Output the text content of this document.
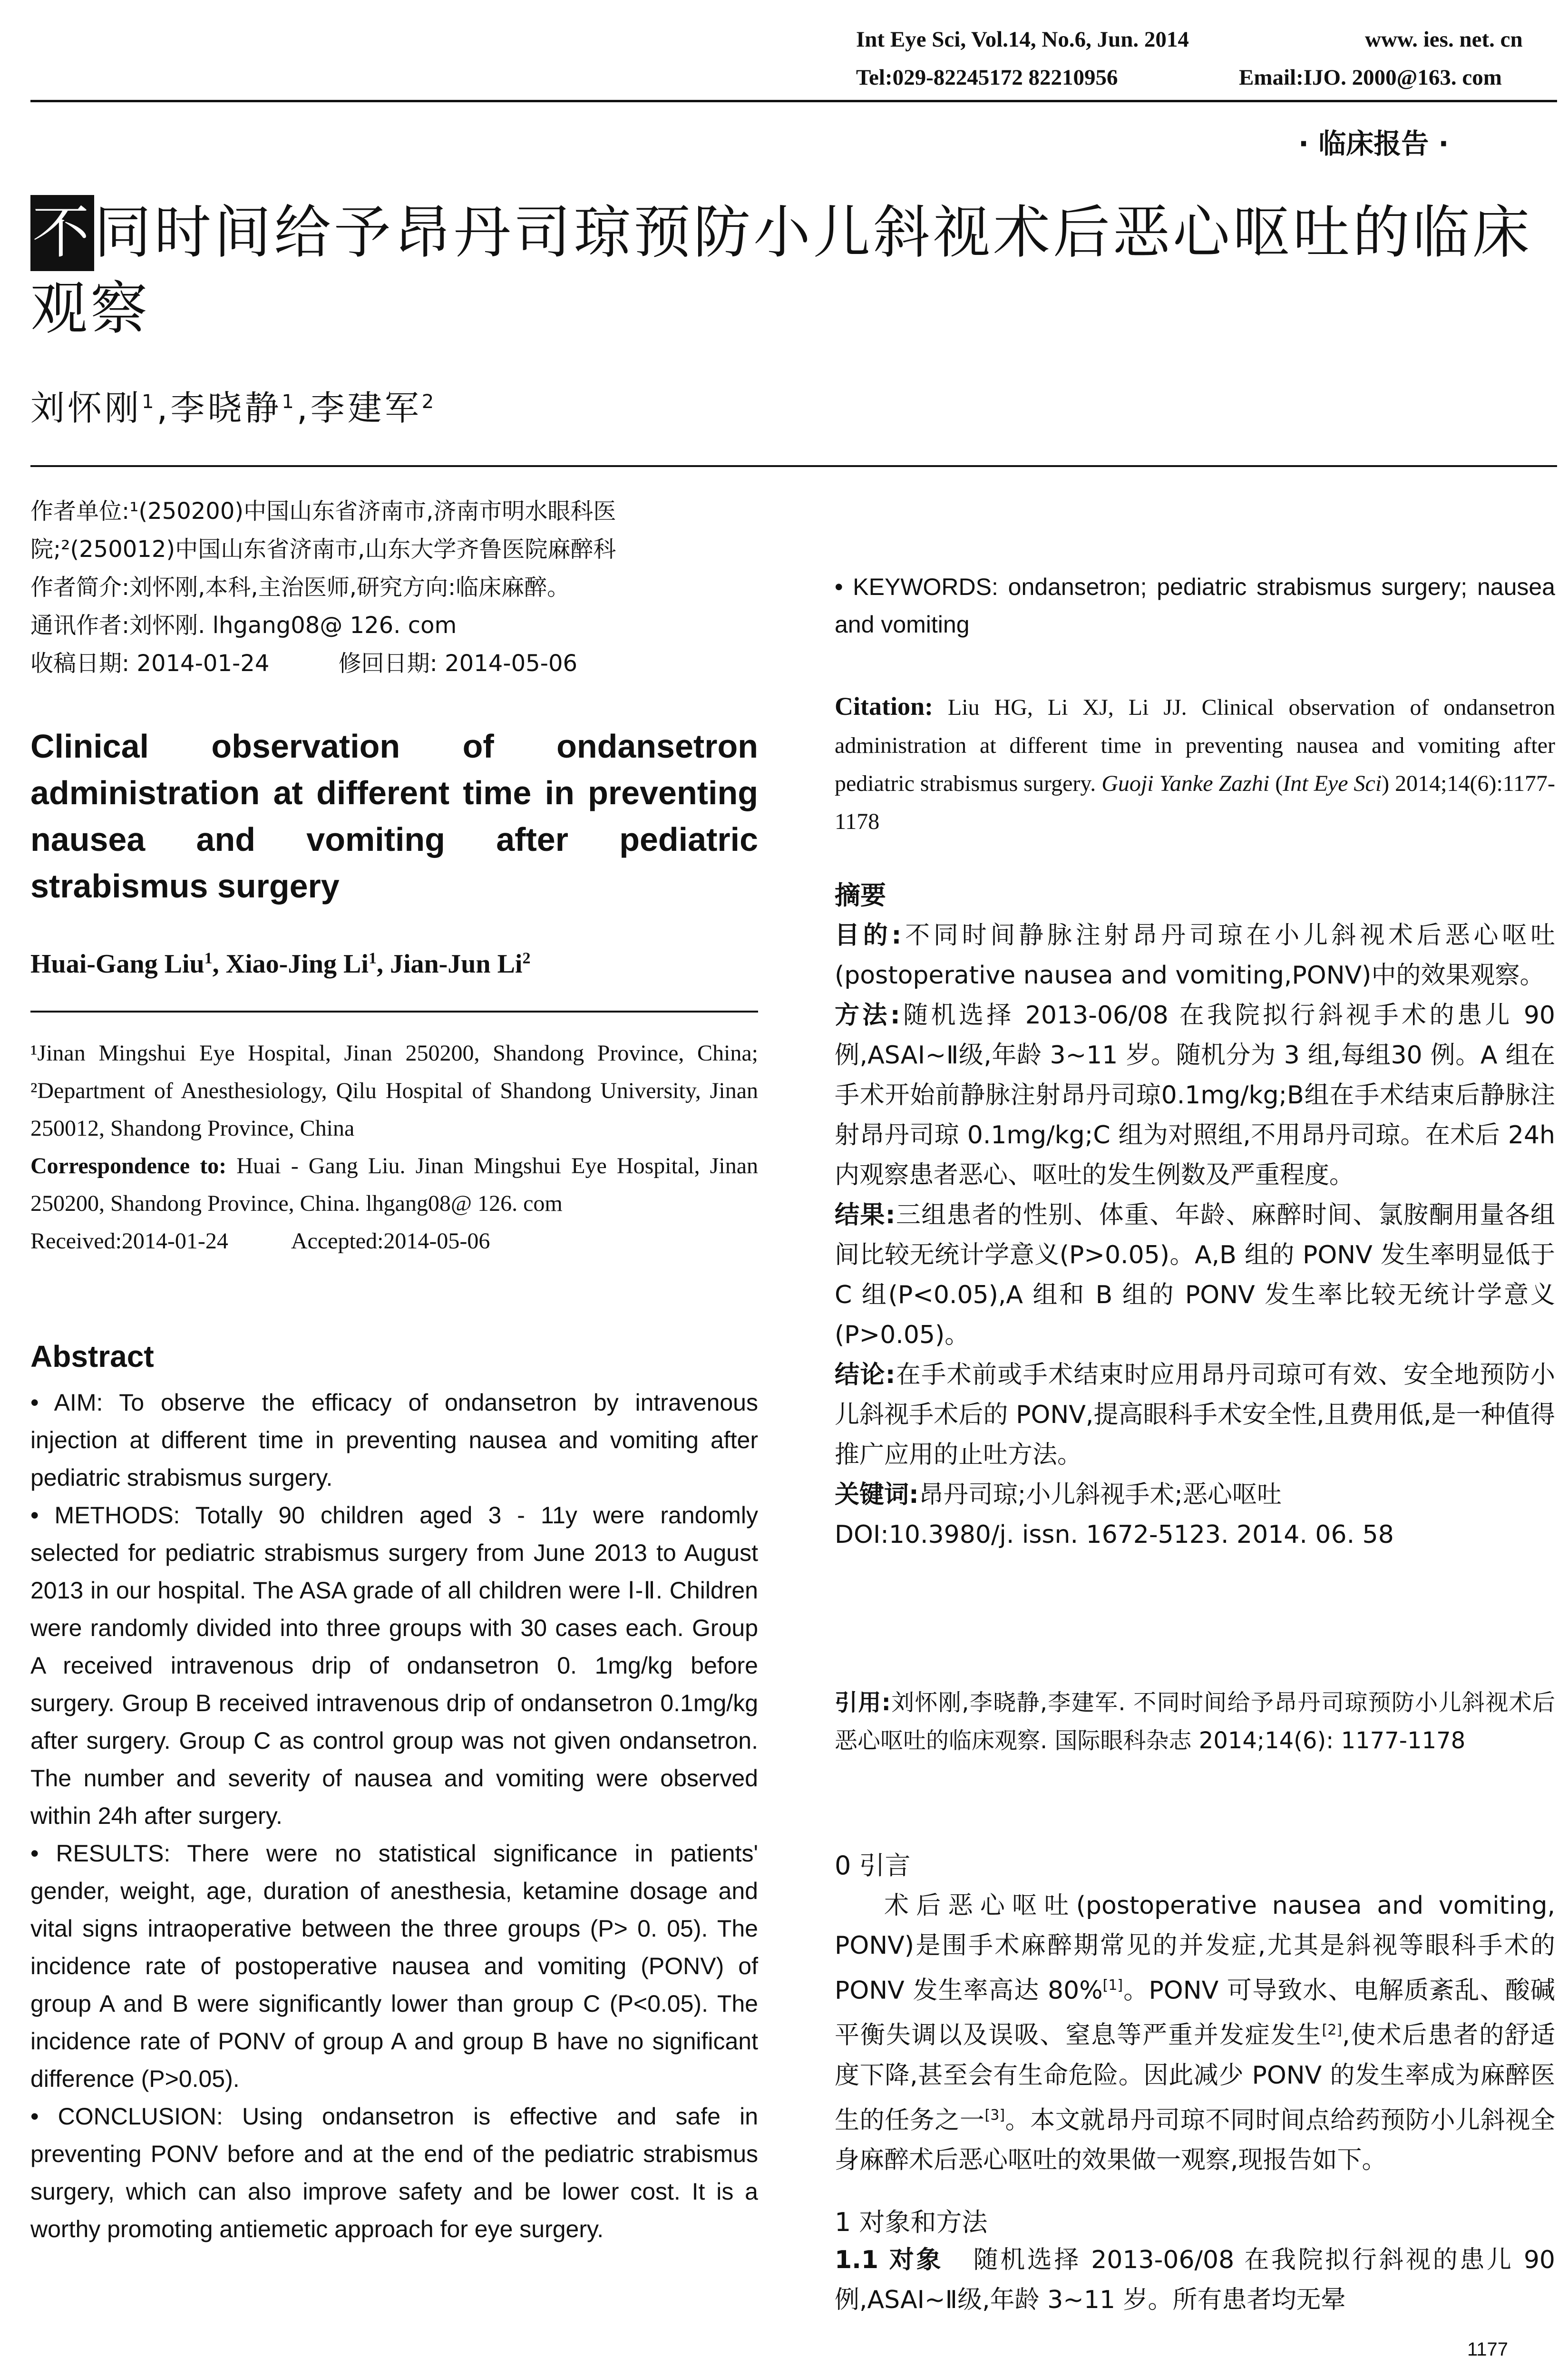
Int Eye Sci, Vol.14, No.6, Jun. 2014	www. ies. net. cn
Tel:029-82245172 82210956	Email:IJO. 2000@163. com
· 临床报告 ·
不同时间给予昂丹司琼预防小儿斜视术后恶心呕吐的临床观察
刘怀刚$^1$,李晓静$^1$,李建军$^2$
作者单位:¹(250200)中国山东省济南市,济南市明水眼科医
院;²(250012)中国山东省济南市,山东大学齐鲁医院麻醉科
作者简介:刘怀刚,本科,主治医师,研究方向:临床麻醉。
通讯作者:刘怀刚. lhgang08@ 126. com
收稿日期: 2014-01-24	修回日期: 2014-05-06
Clinical observation of ondansetron administration at different time in preventing nausea and vomiting after pediatric strabismus surgery
Huai-Gang Liu$^1$, Xiao-Jing Li$^1$, Jian-Jun Li$^2$
¹Jinan Mingshui Eye Hospital, Jinan 250200, Shandong Province, China; ²Department of Anesthesiology, Qilu Hospital of Shandong University, Jinan 250012, Shandong Province, China
Correspondence to: Huai - Gang Liu. Jinan Mingshui Eye Hospital, Jinan 250200, Shandong Province, China. lhgang08@ 126. com
Received:2014-01-24	Accepted:2014-05-06
Abstract

• AIM: To observe the efficacy of ondansetron by intravenous injection at different time in preventing nausea and vomiting after pediatric strabismus surgery.

• METHODS: Totally 90 children aged 3 - 11y were randomly selected for pediatric strabismus surgery from June 2013 to August 2013 in our hospital. The ASA grade of all children were Ⅰ-Ⅱ. Children were randomly divided into three groups with 30 cases each. Group A received intravenous drip of ondansetron 0. 1mg/kg before surgery. Group B received intravenous drip of ondansetron 0.1mg/kg after surgery. Group C as control group was not given ondansetron. The number and severity of nausea and vomiting were observed within 24h after surgery.

• RESULTS: There were no statistical significance in patients' gender, weight, age, duration of anesthesia, ketamine dosage and vital signs intraoperative between the three groups (P> 0. 05). The incidence rate of postoperative nausea and vomiting (PONV) of group A and B were significantly lower than group C (P<0.05). The incidence rate of PONV of group A and group B have no significant difference (P>0.05).

• CONCLUSION: Using ondansetron is effective and safe in preventing PONV before and at the end of the pediatric strabismus surgery, which can also improve safety and be lower cost. It is a worthy promoting antiemetic approach for eye surgery.

• KEYWORDS: ondansetron; pediatric strabismus surgery; nausea and vomiting

Citation: Liu HG, Li XJ, Li JJ. Clinical observation of ondansetron administration at different time in preventing nausea and vomiting after pediatric strabismus surgery. Guoji Yanke Zazhi (Int Eye Sci) 2014;14(6):1177-1178
摘要

目的:不同时间静脉注射昂丹司琼在小儿斜视术后恶心呕吐(postoperative nausea and vomiting,PONV)中的效果观察。

方法:随机选择 2013-06/08 在我院拟行斜视手术的患儿 90 例,ASAⅠ~Ⅱ级,年龄 3~11 岁。随机分为 3 组,每组30 例。A 组在手术开始前静脉注射昂丹司琼0.1mg/kg;B组在手术结束后静脉注射昂丹司琼 0.1mg/kg;C 组为对照组,不用昂丹司琼。在术后 24h 内观察患者恶心、呕吐的发生例数及严重程度。

结果:三组患者的性别、体重、年龄、麻醉时间、氯胺酮用量各组间比较无统计学意义(P>0.05)。A,B 组的 PONV 发生率明显低于 C 组(P<0.05),A 组和 B 组的 PONV 发生率比较无统计学意义(P>0.05)。

结论:在手术前或手术结束时应用昂丹司琼可有效、安全地预防小儿斜视手术后的 PONV,提高眼科手术安全性,且费用低,是一种值得推广应用的止吐方法。

关键词:昂丹司琼;小儿斜视手术;恶心呕吐

DOI:10.3980/j. issn. 1672-5123. 2014. 06. 58

引用:刘怀刚,李晓静,李建军. 不同时间给予昂丹司琼预防小儿斜视术后恶心呕吐的临床观察. 国际眼科杂志 2014;14(6): 1177-1178

0 引言

术后恶心呕吐(postoperative nausea and vomiting, PONV)是围手术麻醉期常见的并发症,尤其是斜视等眼科手术的 PONV 发生率高达 80%[1]。PONV 可导致水、电解质紊乱、酸碱平衡失调以及误吸、窒息等严重并发症发生[2],使术后患者的舒适度下降,甚至会有生命危险。因此减少 PONV 的发生率成为麻醉医生的任务之一[3]。本文就昂丹司琼不同时间点给药预防小儿斜视全身麻醉术后恶心呕吐的效果做一观察,现报告如下。

1 对象和方法

1.1 对象 随机选择 2013-06/08 在我院拟行斜视的患儿 90 例,ASAⅠ~Ⅱ级,年龄 3~11 岁。所有患者均无晕

1177
